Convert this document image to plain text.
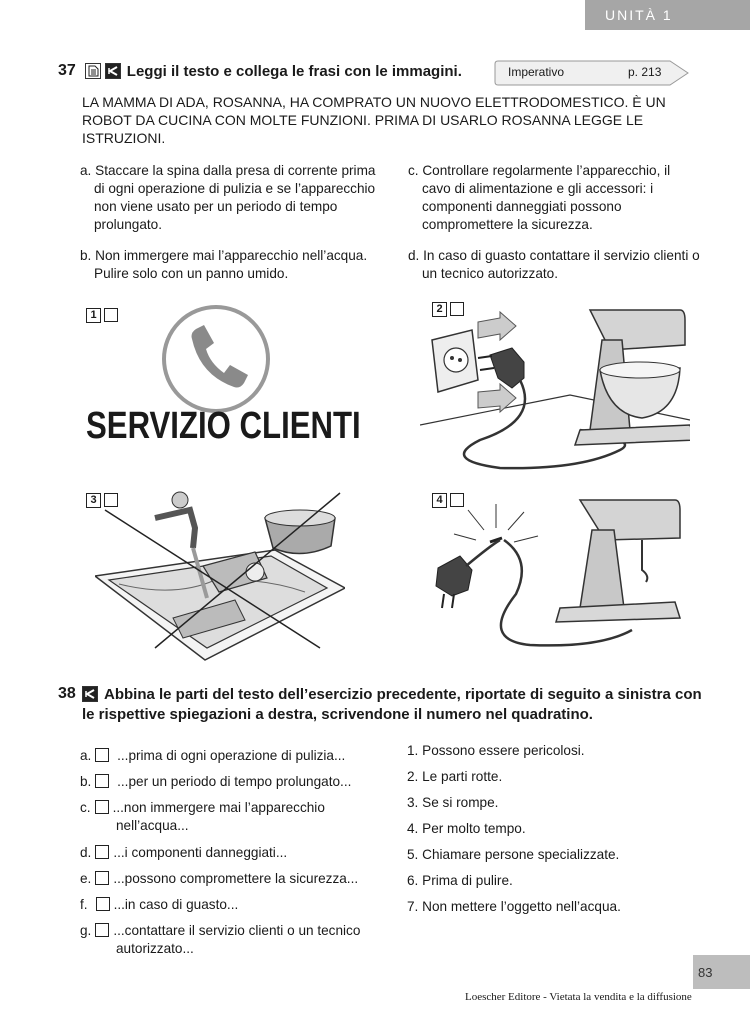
UNITÀ 1
37	Leggi il testo e collega le frasi con le immagini.	Imperativo	p. 213
LA MAMMA DI ADA, ROSANNA, HA COMPRATO UN NUOVO ELETTRODOMESTICO. È UN ROBOT DA CUCINA CON MOLTE FUNZIONI. PRIMA DI USARLO ROSANNA LEGGE LE ISTRUZIONI.
a. Staccare la spina dalla presa di corrente prima di ogni operazione di pulizia e se l’apparecchio non viene usato per un periodo di tempo prolungato.
b. Non immergere mai l’apparecchio nell’acqua. Pulire solo con un panno umido.
c. Controllare regolarmente l’apparecchio, il cavo di alimentazione e gli accessori: i componenti danneggiati possono compromettere la sicurezza.
d. In caso di guasto contattare il servizio clienti o un tecnico autorizzato.
1
SERVIZIO CLIENTI
2
3	4
38	Abbina le parti del testo dell’esercizio precedente, riportate di seguito a sinistra con le rispettive spiegazioni a destra, scrivendone il numero nel quadratino.
a. ...prima di ogni operazione di pulizia...
b. ...per un periodo di tempo prolungato...
c. ...non immergere mai l’apparecchio nell’acqua...
d. ...i componenti danneggiati...
e. ...possono compromettere la sicurezza...
f. ...in caso di guasto...
g. ...contattare il servizio clienti o un tecnico autorizzato...
1. Possono essere pericolosi.
2. Le parti rotte.
3. Se si rompe.
4. Per molto tempo.
5. Chiamare persone specializzate.
6. Prima di pulire.
7. Non mettere l’oggetto nell’acqua.
83
Loescher Editore - Vietata la vendita e la diffusione
